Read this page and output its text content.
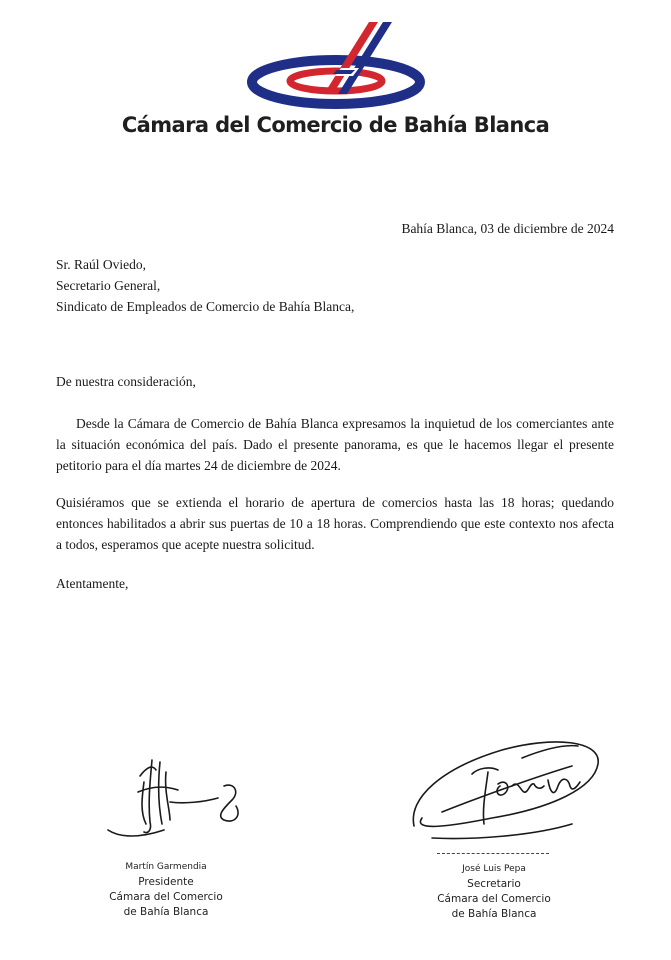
Cámara del Comercio de Bahía Blanca
Bahía Blanca, 03 de diciembre de 2024
Sr. Raúl Oviedo,
Secretario General,
Sindicato de Empleados de Comercio de Bahía Blanca,
De nuestra consideración,
Desde la Cámara de Comercio de Bahía Blanca expresamos la inquietud de los comerciantes ante la situación económica del país. Dado el presente panorama, es que le hacemos llegar el presente petitorio para el día martes 24 de diciembre de 2024.
Quisiéramos que se extienda el horario de apertura de comercios hasta las 18 horas; quedando entonces habilitados a abrir sus puertas de 10 a 18 horas. Comprendiendo que este contexto nos afecta a todos, esperamos que acepte nuestra solicitud.
Atentamente,
Martín Garmendia
Presidente
Cámara del Comercio
de Bahía Blanca
José Luis Pepa
Secretario
Cámara del Comercio
de Bahía Blanca
